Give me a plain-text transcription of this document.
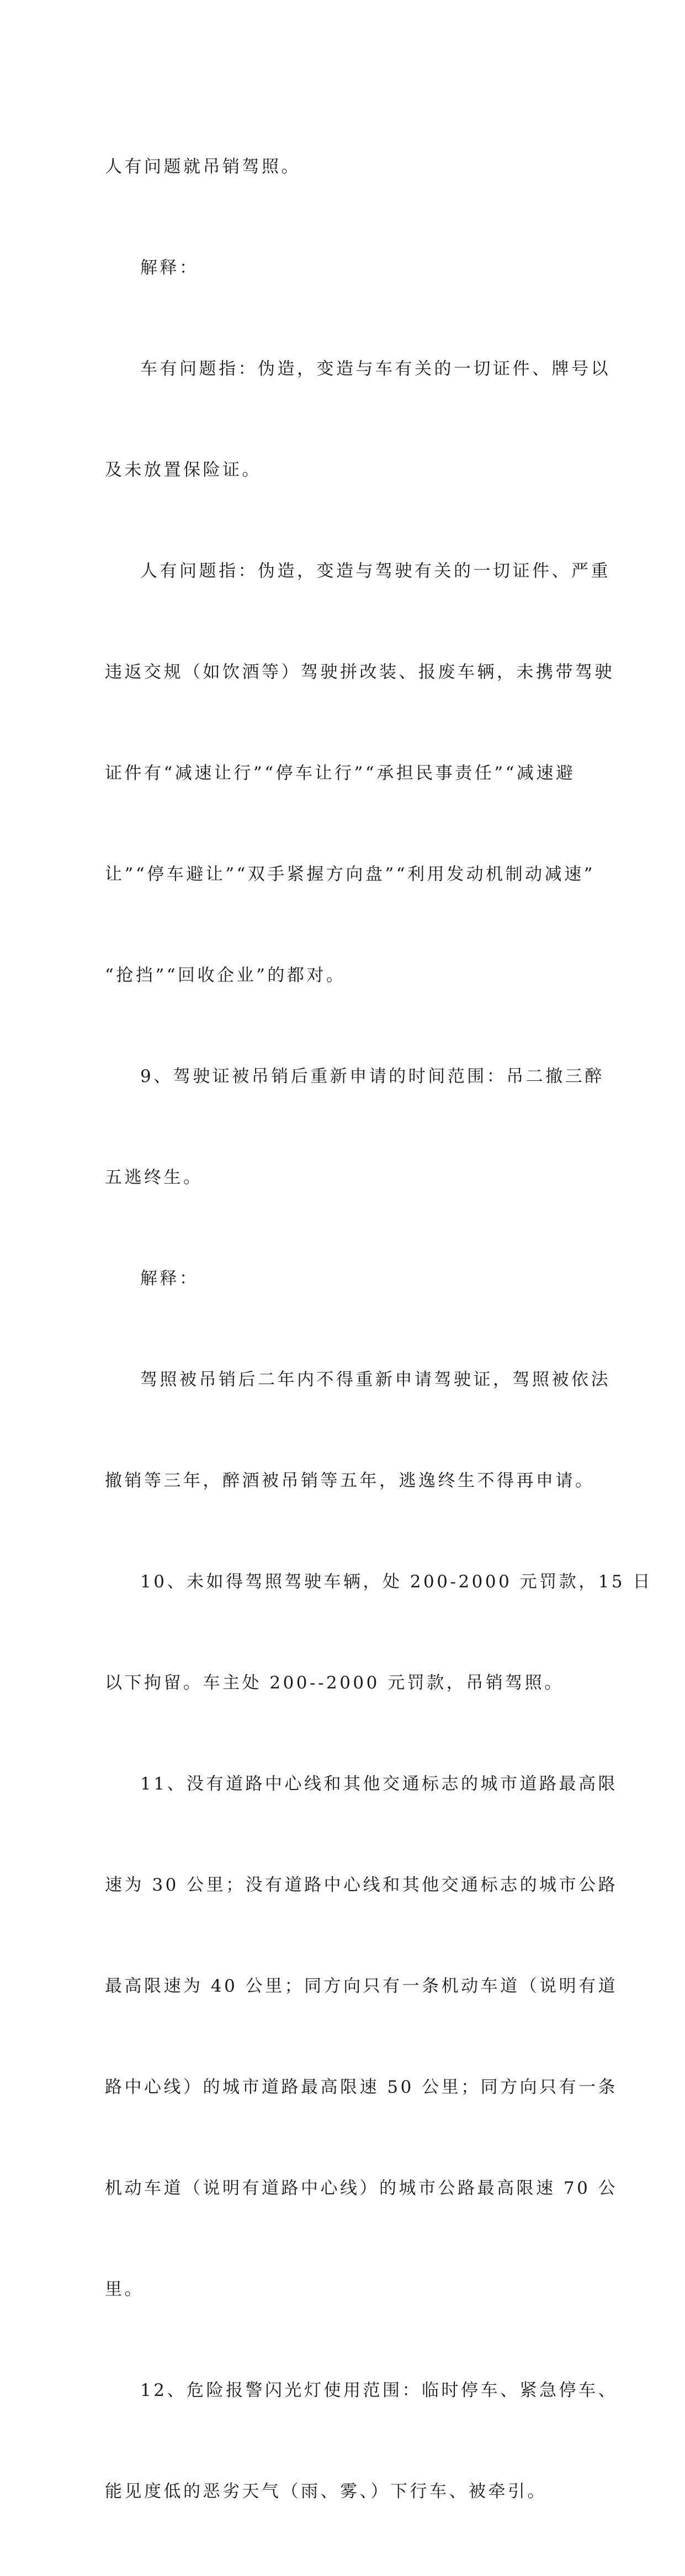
人有问题就吊销驾照。

解释：

车有问题指：伪造，变造与车有关的一切证件、牌号以

及未放置保险证。

人有问题指：伪造，变造与驾驶有关的一切证件、严重

违返交规（如饮酒等）驾驶拼改装、报废车辆，未携带驾驶

证件有“减速让行”“停车让行”“承担民事责任”“减速避

让”“停车避让”“双手紧握方向盘”“利用发动机制动减速”

“抢挡”“回收企业”的都对。

9、驾驶证被吊销后重新申请的时间范围：吊二撤三醉

五逃终生。

解释：

驾照被吊销后二年内不得重新申请驾驶证，驾照被依法

撤销等三年，醉酒被吊销等五年，逃逸终生不得再申请。

10、未如得驾照驾驶车辆，处 200-2000 元罚款，15 日

以下拘留。车主处 200--2000 元罚款，吊销驾照。

11、没有道路中心线和其他交通标志的城市道路最高限

速为 30 公里；没有道路中心线和其他交通标志的城市公路

最高限速为 40 公里；同方向只有一条机动车道（说明有道

路中心线）的城市道路最高限速 50 公里；同方向只有一条

机动车道（说明有道路中心线）的城市公路最高限速 70 公

里。

12、危险报警闪光灯使用范围：临时停车、紧急停车、

能见度低的恶劣天气（雨、雾、）下行车、被牵引。
